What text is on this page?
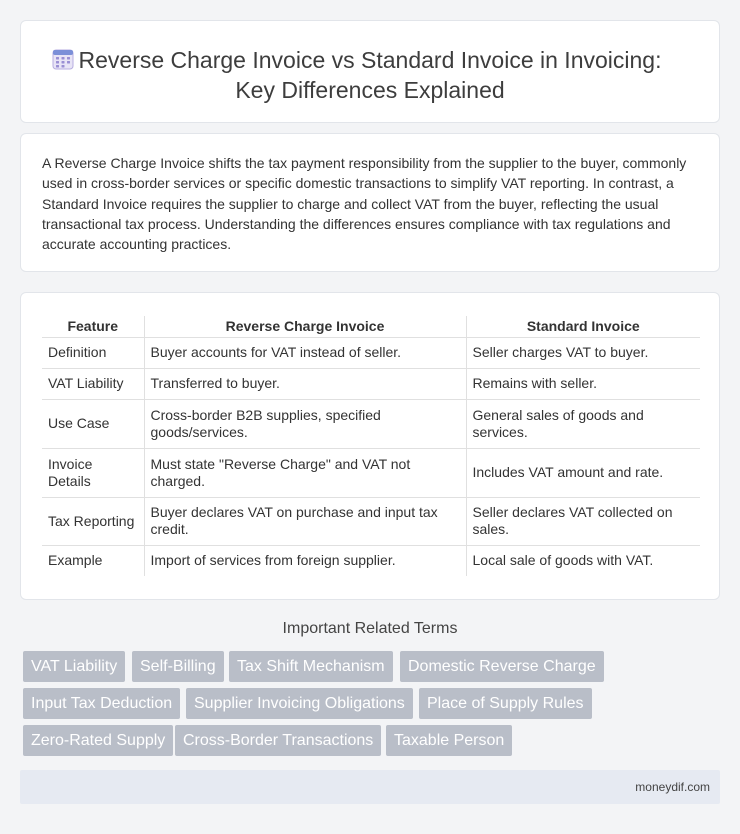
Reverse Charge Invoice vs Standard Invoice in Invoicing:
Key Differences Explained

A Reverse Charge Invoice shifts the tax payment responsibility from the supplier to the buyer, commonly used in cross-border services or specific domestic transactions to simplify VAT reporting. In contrast, a Standard Invoice requires the supplier to charge and collect VAT from the buyer, reflecting the usual transactional tax process. Understanding the differences ensures compliance with tax regulations and accurate accounting practices.

Feature	Reverse Charge Invoice	Standard Invoice
Definition	Buyer accounts for VAT instead of seller.	Seller charges VAT to buyer.
VAT Liability	Transferred to buyer.	Remains with seller.
Use Case	Cross-border B2B supplies, specified goods/services.	General sales of goods and services.
Invoice Details	Must state "Reverse Charge" and VAT not charged.	Includes VAT amount and rate.
Tax Reporting	Buyer declares VAT on purchase and input tax credit.	Seller declares VAT collected on sales.
Example	Import of services from foreign supplier.	Local sale of goods with VAT.
Important Related Terms
VAT Liability	Self-Billing	Tax Shift Mechanism	Domestic Reverse Charge
Input Tax Deduction	Supplier Invoicing Obligations	Place of Supply Rules
Zero-Rated Supply	Cross-Border Transactions	Taxable Person
moneydif.com
